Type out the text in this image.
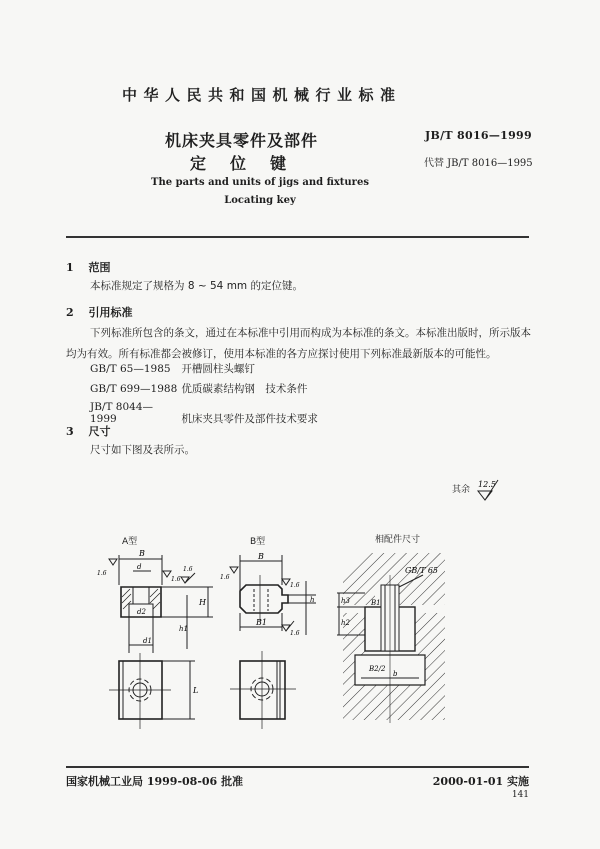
中华人民共和国机械行业标准
机床夹具零件及部件
定位键
JB/T 8016—1999
代替 JB/T 8016—1995
The parts and units of jigs and fixtures
Locating key
1 范围
本标准规定了规格为 8 ~ 54 mm 的定位键。
2 引用标准
下列标准所包含的条文，通过在本标准中引用而构成为本标准的条文。本标准出版时，所示版本均为有效。所有标准都会被修订，使用本标准的各方应探讨使用下列标准最新版本的可能性。
GB/T 65—1985 开槽圆柱头螺钉
GB/T 699—1988 优质碳素结构钢　技术条件
JB/T 8044—1999	机床夹具零件及部件技术要求
3 尺寸
尺寸如下图及表所示。
其余
12.5
A型	B型	相配件尺寸
B
d
d2
d1
H
h1
L
1.6
1.6
1.6
B
B1
h
1.6
1.6
1.6
GB/T 65
B1
B2/2
b
h3
h2
国家机械工业局 1999-08-06 批准	2000-01-01 实施
141
